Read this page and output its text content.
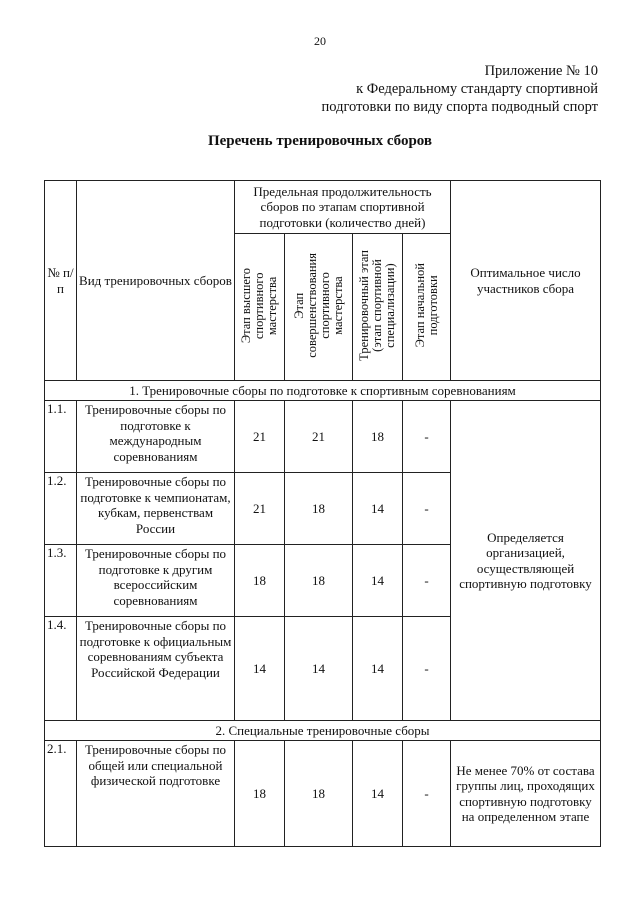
20
Приложение № 10
к Федеральному стандарту спортивной
подготовки по виду спорта подводный спорт
Перечень тренировочных сборов
№ п/п	Вид тренировочных сборов	Предельная продолжительность сборов по этапам спортивной подготовки (количество дней)				Оптимальное число участников сбора

		Этап высшего
спортивного
мастерства	Этап
совершенствования
спортивного
мастерства	Тренировочный этап
(этап спортивной
специализации)	Этап начальной
подготовки	
1. Тренировочные сборы по подготовке к спортивным соревнованиям						
1.1.	Тренировочные сборы по подготовке к международным соревнованиям	21	21	18	-	Определяется организацией, осуществляющей спортивную подготовку

1.2.	Тренировочные сборы по подготовке к чемпионатам, кубкам, первенствам России	21	18	14	-	
1.3.	Тренировочные сборы по подготовке к другим всероссийским соревнованиям	18	18	14	-	
1.4.	Тренировочные сборы по подготовке к официальным соревнованиям субъекта Российской Федерации	14	14	14	-	
2. Специальные тренировочные сборы						
2.1.	Тренировочные сборы по общей или специальной физической подготовке	18	18	14	-	Не менее 70% от состава группы лиц, проходящих спортивную подготовку на определенном этапе
